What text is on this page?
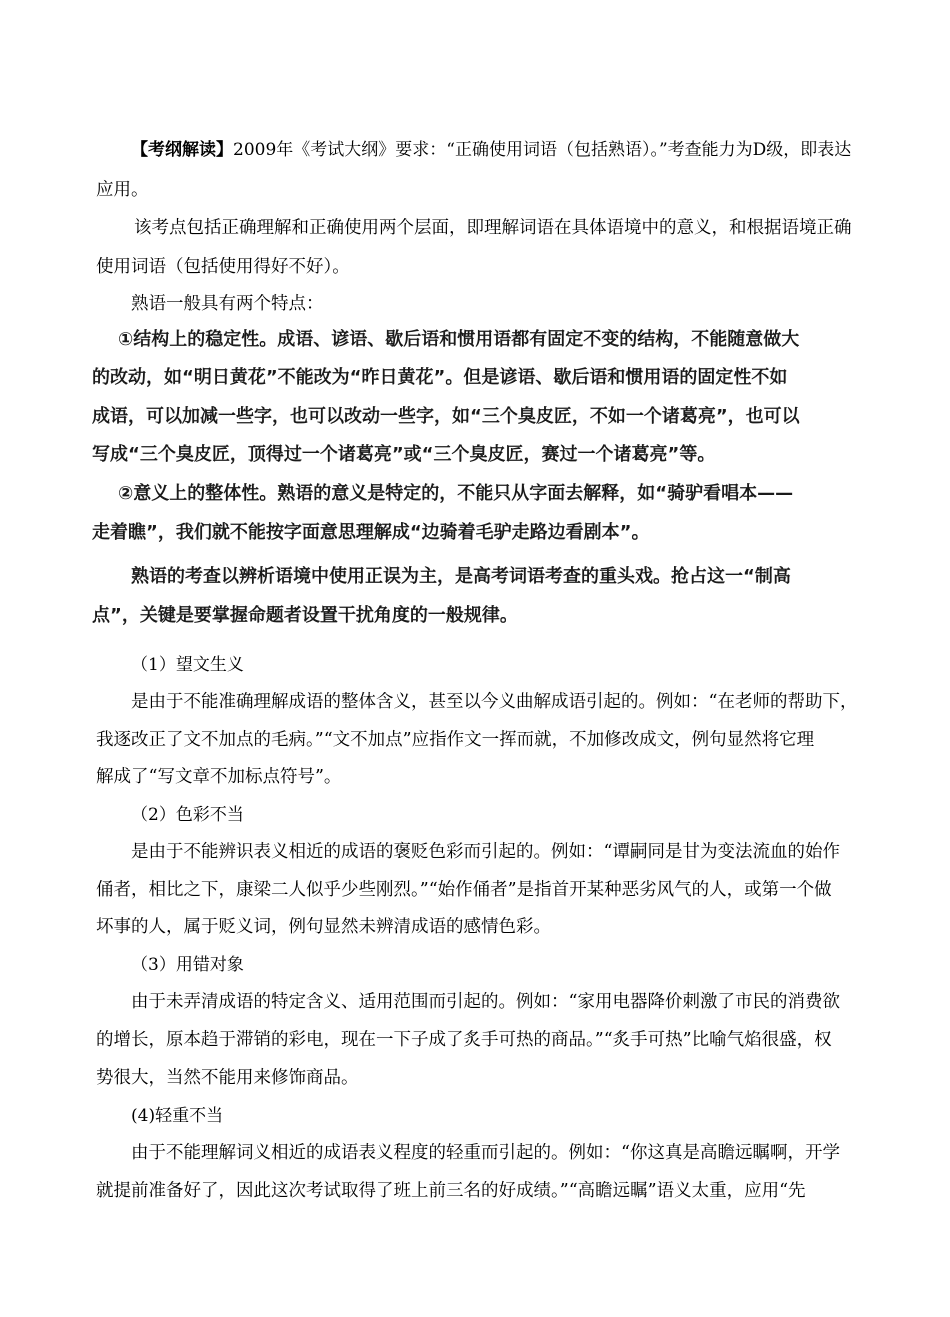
【考纲解读】2009年《考试大纲》要求：“正确使用词语（包括熟语）。”考查能力为D级，即表达

应用。

该考点包括正确理解和正确使用两个层面，即理解词语在具体语境中的意义，和根据语境正确

使用词语（包括使用得好不好）。

熟语一般具有两个特点：

①结构上的稳定性。成语、谚语、歇后语和惯用语都有固定不变的结构，不能随意做大

的改动，如“明日黄花”不能改为“昨日黄花”。但是谚语、歇后语和惯用语的固定性不如

成语，可以加减一些字，也可以改动一些字，如“三个臭皮匠，不如一个诸葛亮”，也可以

写成“三个臭皮匠，顶得过一个诸葛亮”或“三个臭皮匠，赛过一个诸葛亮”等。

②意义上的整体性。熟语的意义是特定的，不能只从字面去解释，如“骑驴看唱本——

走着瞧”，我们就不能按字面意思理解成“边骑着毛驴走路边看剧本”。

熟语的考查以辨析语境中使用正误为主，是高考词语考查的重头戏。抢占这一“制高

点”，关键是要掌握命题者设置干扰角度的一般规律。

（1）望文生义

是由于不能准确理解成语的整体含义，甚至以今义曲解成语引起的。例如：“在老师的帮助下，

我逐改正了文不加点的毛病。”“文不加点”应指作文一挥而就，不加修改成文，例句显然将它理

解成了“写文章不加标点符号”。

（2）色彩不当

是由于不能辨识表义相近的成语的褒贬色彩而引起的。例如：“谭嗣同是甘为变法流血的始作

俑者，相比之下，康梁二人似乎少些刚烈。”“始作俑者”是指首开某种恶劣风气的人，或第一个做

坏事的人，属于贬义词，例句显然未辨清成语的感情色彩。

（3）用错对象

由于未弄清成语的特定含义、适用范围而引起的。例如：“家用电器降价刺激了市民的消费欲

的增长，原本趋于滞销的彩电，现在一下子成了炙手可热的商品。”“炙手可热”比喻气焰很盛，权

势很大，当然不能用来修饰商品。

(4)轻重不当

由于不能理解词义相近的成语表义程度的轻重而引起的。例如：“你这真是高瞻远瞩啊，开学

就提前准备好了，因此这次考试取得了班上前三名的好成绩。”“高瞻远瞩”语义太重，应用“先
